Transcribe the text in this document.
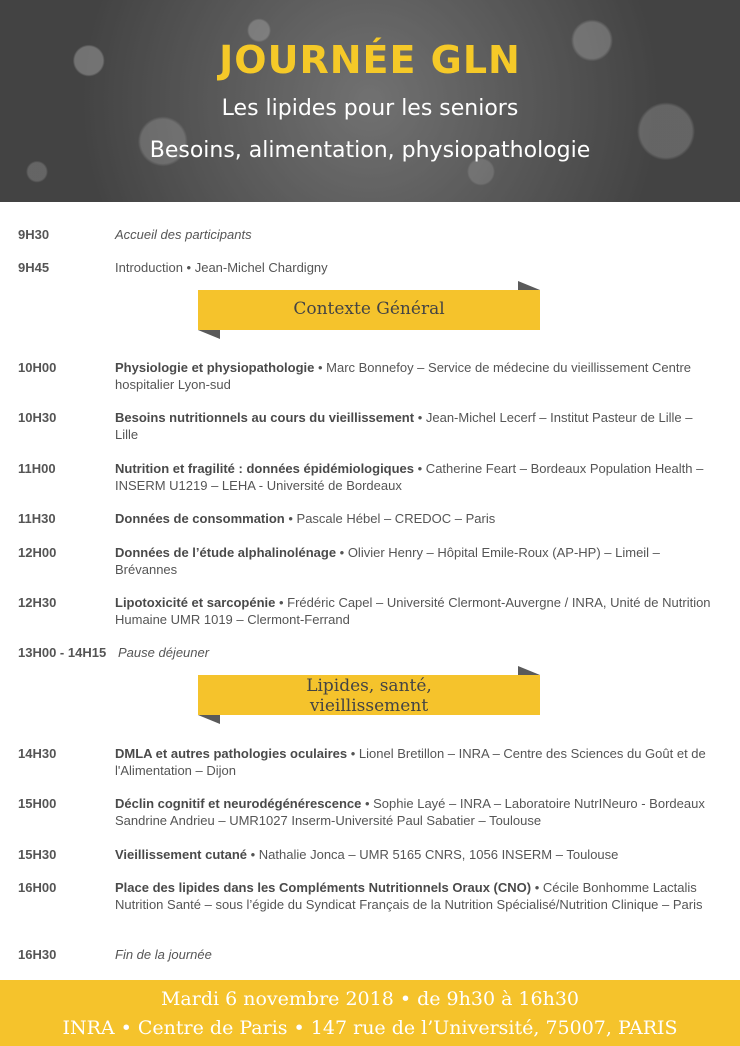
JOURNÉE GLN
Les lipides pour les seniors
Besoins, alimentation, physiopathologie
9H30	Accueil des participants
9H45	Introduction • Jean-Michel Chardigny
Contexte Général
10H00	Physiologie et physiopathologie • Marc Bonnefoy – Service de médecine du vieillissement Centre hospitalier Lyon-sud
10H30	Besoins nutritionnels au cours du vieillissement • Jean-Michel Lecerf – Institut Pasteur de Lille – Lille
11H00	Nutrition et fragilité : données épidémiologiques • Catherine Feart – Bordeaux Population Health – INSERM U1219 – LEHA - Université de Bordeaux
11H30	Données de consommation • Pascale Hébel – CREDOC – Paris
12H00	Données de l’étude alphalinolénage • Olivier Henry – Hôpital Emile-Roux (AP-HP) – Limeil – Brévannes
12H30	Lipotoxicité et sarcopénie • Frédéric Capel – Université Clermont-Auvergne / INRA, Unité de Nutrition Humaine UMR 1019 – Clermont-Ferrand
13H00 - 14H15 Pause déjeuner
Lipides, santé,
vieillissement
14H30	DMLA et autres pathologies oculaires • Lionel Bretillon – INRA – Centre des Sciences du Goût et de l'Alimentation – Dijon
15H00	Déclin cognitif et neurodégénérescence • Sophie Layé – INRA – Laboratoire NutrINeuro - Bordeaux Sandrine Andrieu – UMR1027 Inserm-Université Paul Sabatier – Toulouse
15H30	Vieillissement cutané • Nathalie Jonca – UMR 5165 CNRS, 1056 INSERM – Toulouse
16H00	Place des lipides dans les Compléments Nutritionnels Oraux (CNO) • Cécile Bonhomme Lactalis Nutrition Santé – sous l’égide du Syndicat Français de la Nutrition Spécialisé/Nutrition Clinique – Paris
16H30	Fin de la journée
Mardi 6 novembre 2018 • de 9h30 à 16h30
INRA • Centre de Paris • 147 rue de l’Université, 75007, PARIS
